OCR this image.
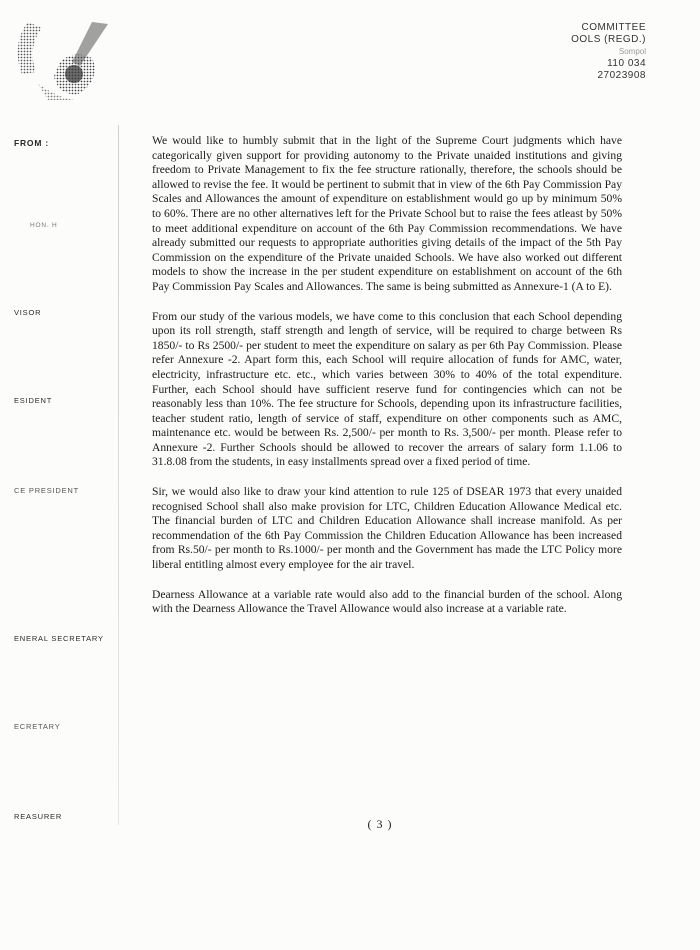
COMMITTEE
OOLS (REGD.)
Sompol
110 034
27023908
FROM :
HON. H
VISOR
ESIDENT
CE PRESIDENT
ENERAL SECRETARY
ECRETARY
REASURER

We would like to humbly submit that in the light of the Supreme Court judgments which have categorically given support for providing autonomy to the Private unaided institutions and giving freedom to Private Management to fix the fee structure rationally, therefore, the schools should be allowed to revise the fee. It would be pertinent to submit that in view of the 6th Pay Commission Pay Scales and Allowances the amount of expenditure on establishment would go up by minimum 50% to 60%. There are no other alternatives left for the Private School but to raise the fees atleast by 50% to meet additional expenditure on account of the 6th Pay Commission recommendations. We have already submitted our requests to appropriate authorities giving details of the impact of the 5th Pay Commission on the expenditure of the Private unaided Schools. We have also worked out different models to show the increase in the per student expenditure on establishment on account of the 6th Pay Commission Pay Scales and Allowances. The same is being submitted as Annexure-1 (A to E).

From our study of the various models, we have come to this conclusion that each School depending upon its roll strength, staff strength and length of service, will be required to charge between Rs 1850/- to Rs 2500/- per student to meet the expenditure on salary as per 6th Pay Commission. Please refer Annexure -2. Apart form this, each School will require allocation of funds for AMC, water, electricity, infrastructure etc. etc., which varies between 30% to 40% of the total expenditure. Further, each School should have sufficient reserve fund for contingencies which can not be reasonably less than 10%. The fee structure for Schools, depending upon its infrastructure facilities, teacher student ratio, length of service of staff, expenditure on other components such as AMC, maintenance etc. would be between Rs. 2,500/- per month to Rs. 3,500/- per month. Please refer to Annexure -2. Further Schools should be allowed to recover the arrears of salary form 1.1.06 to 31.8.08 from the students, in easy installments spread over a fixed period of time.

Sir, we would also like to draw your kind attention to rule 125 of DSEAR 1973 that every unaided recognised School shall also make provision for LTC, Children Education Allowance Medical etc. The financial burden of LTC and Children Education Allowance shall increase manifold. As per recommendation of the 6th Pay Commission the Children Education Allowance has been increased from Rs.50/- per month to Rs.1000/- per month and the Government has made the LTC Policy more liberal entitling almost every employee for the air travel.

Dearness Allowance at a variable rate would also add to the financial burden of the school. Along with the Dearness Allowance the Travel Allowance would also increase at a variable rate.

( 3 )
